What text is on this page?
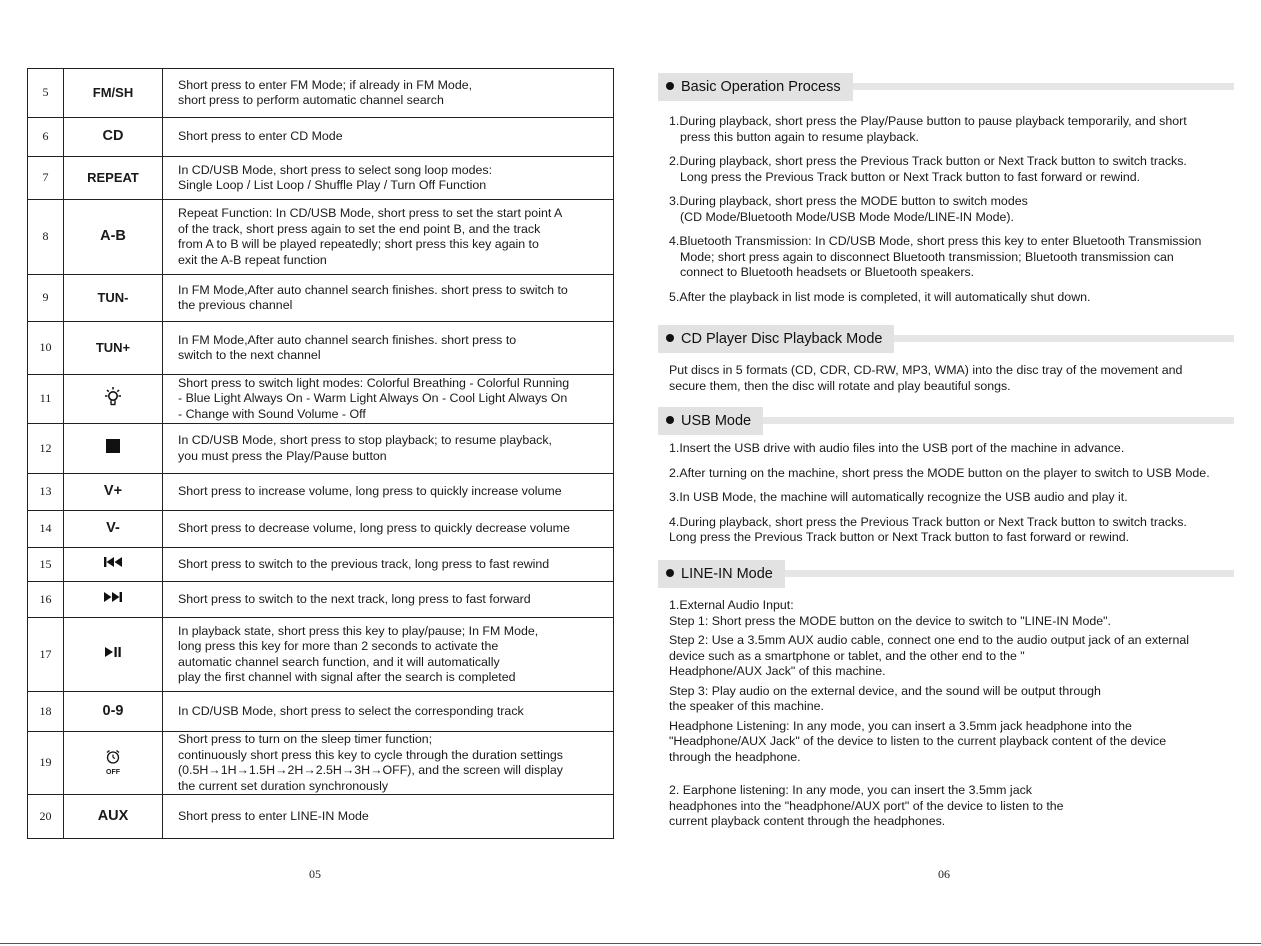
5	FM/SH	Short press to enter FM Mode; if already in FM Mode,
short press to perform automatic channel search

6	CD	Short press to enter CD Mode

7	REPEAT	In CD/USB Mode, short press to select song loop modes:
Single Loop / List Loop / Shuffle Play / Turn Off Function

8	A-B	Repeat Function: In CD/USB Mode, short press to set the start point A
of the track, short press again to set the end point B, and the track
from A to B will be played repeatedly; short press this key again to
exit the A-B repeat function

9	TUN-	In FM Mode,After auto channel search finishes. short press to switch to
the previous channel

10	TUN+	In FM Mode,After auto channel search finishes. short press to
switch to the next channel

11		Short press to switch light modes: Colorful Breathing - Colorful Running
- Blue Light Always On - Warm Light Always On - Cool Light Always On
- Change with Sound Volume - Off

12		In CD/USB Mode, short press to stop playback; to resume playback,
you must press the Play/Pause button

13	V+	Short press to increase volume, long press to quickly increase volume

14	V-	Short press to decrease volume, long press to quickly decrease volume

15		Short press to switch to the previous track, long press to fast rewind

16		Short press to switch to the next track, long press to fast forward

17		In playback state, short press this key to play/pause; In FM Mode,
long press this key for more than 2 seconds to activate the
automatic channel search function, and it will automatically
play the first channel with signal after the search is completed

18	0-9	In CD/USB Mode, short press to select the corresponding track

19	OFF	Short press to turn on the sleep timer function;
continuously short press this key to cycle through the duration settings
(0.5H→1H→1.5H→2H→2.5H→3H→OFF), and the screen will display
the current set duration synchronously

20	AUX	Short press to enter LINE-IN Mode
05
Basic Operation Process
1.During playback, short press the Play/Pause button to pause playback temporarily, and short
press this button again to resume playback.
2.During playback, short press the Previous Track button or Next Track button to switch tracks.
Long press the Previous Track button or Next Track button to fast forward or rewind.
3.During playback, short press the MODE button to switch modes
(CD Mode/Bluetooth Mode/USB Mode Mode/LINE-IN Mode).
4.Bluetooth Transmission: In CD/USB Mode, short press this key to enter Bluetooth Transmission
Mode; short press again to disconnect Bluetooth transmission; Bluetooth transmission can
connect to Bluetooth headsets or Bluetooth speakers.
5.After the playback in list mode is completed, it will automatically shut down.
CD Player Disc Playback Mode
Put discs in 5 formats (CD, CDR, CD-RW, MP3, WMA) into the disc tray of the movement and
secure them, then the disc will rotate and play beautiful songs.
USB Mode
1.Insert the USB drive with audio files into the USB port of the machine in advance.
2.After turning on the machine, short press the MODE button on the player to switch to USB Mode.
3.In USB Mode, the machine will automatically recognize the USB audio and play it.
4.During playback, short press the Previous Track button or Next Track button to switch tracks.
Long press the Previous Track button or Next Track button to fast forward or rewind.
LINE-IN Mode
1.External Audio Input:
Step 1: Short press the MODE button on the device to switch to "LINE-IN Mode".
Step 2: Use a 3.5mm AUX audio cable, connect one end to the audio output jack of an external
device such as a smartphone or tablet, and the other end to the "
Headphone/AUX Jack" of this machine.
Step 3: Play audio on the external device, and the sound will be output through
the speaker of this machine.
Headphone Listening: In any mode, you can insert a 3.5mm jack headphone into the
"Headphone/AUX Jack" of the device to listen to the current playback content of the device
through the headphone.
2. Earphone listening: In any mode, you can insert the 3.5mm jack
headphones into the "headphone/AUX port" of the device to listen to the
current playback content through the headphones.
06
